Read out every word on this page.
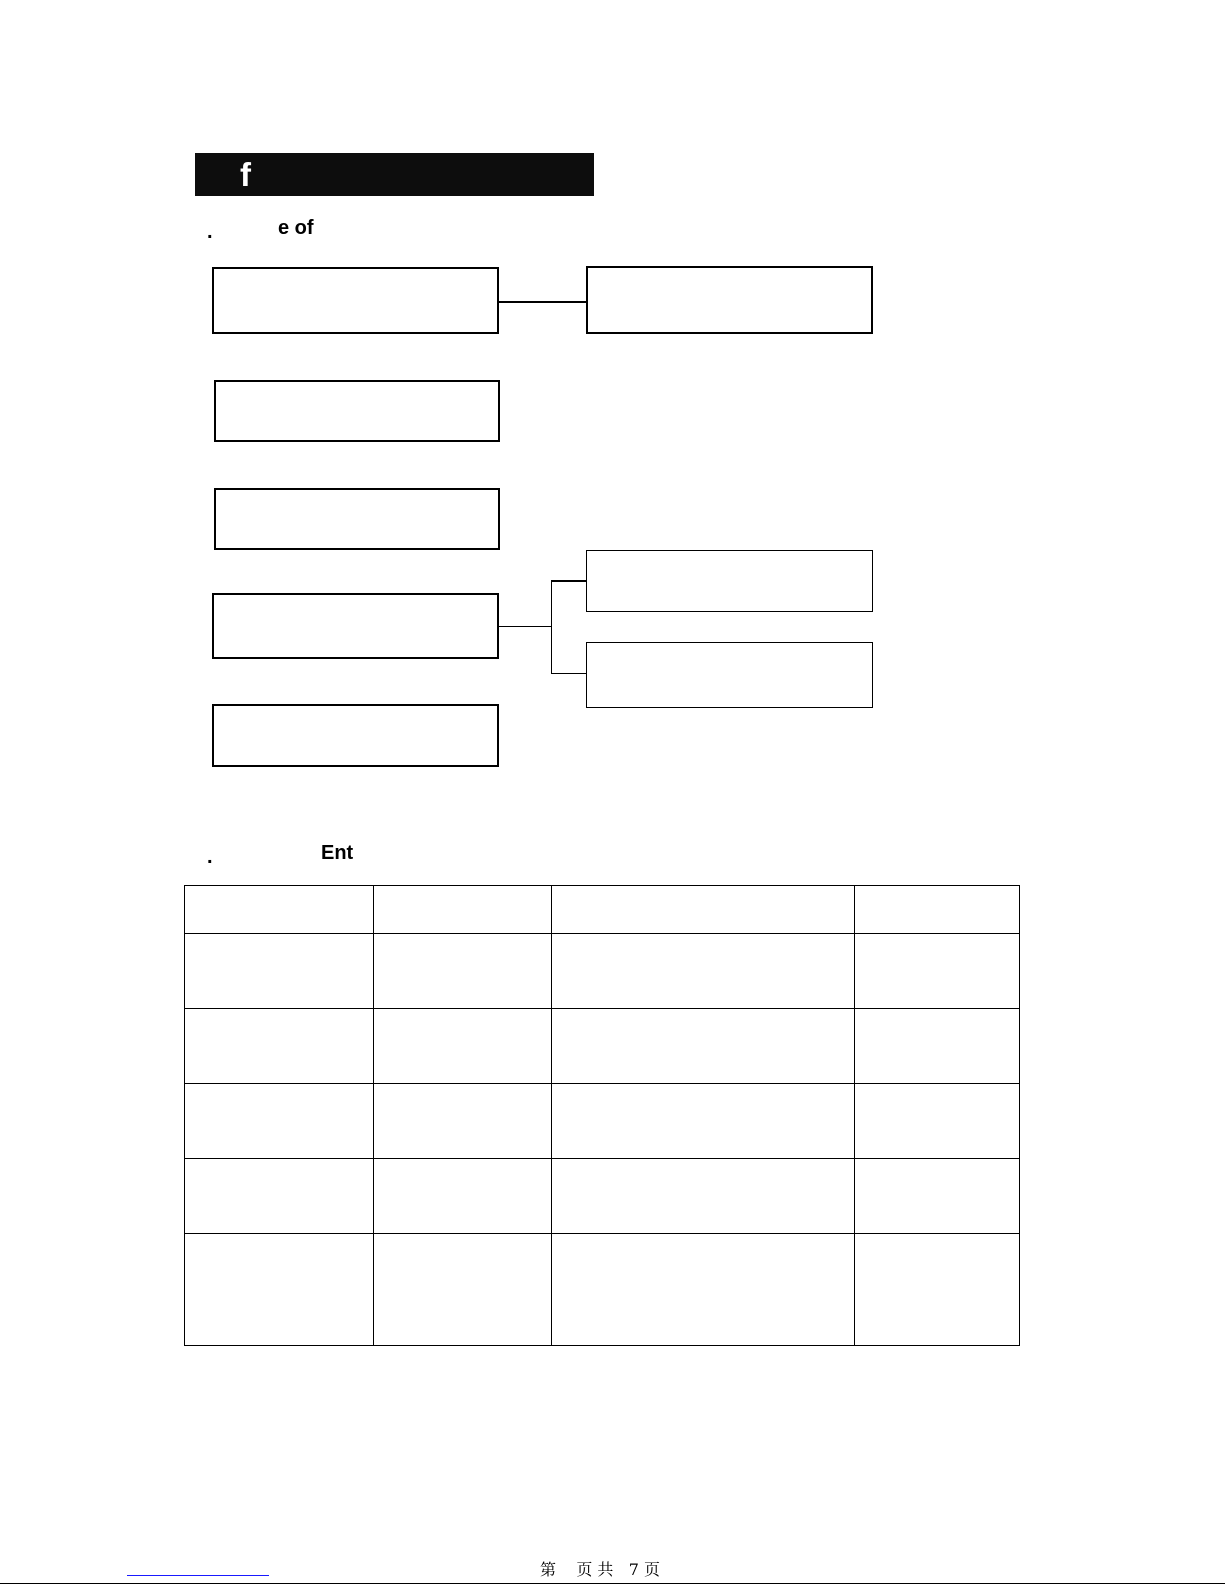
f
.	e of
.	Ent

第    页 共   7 页
